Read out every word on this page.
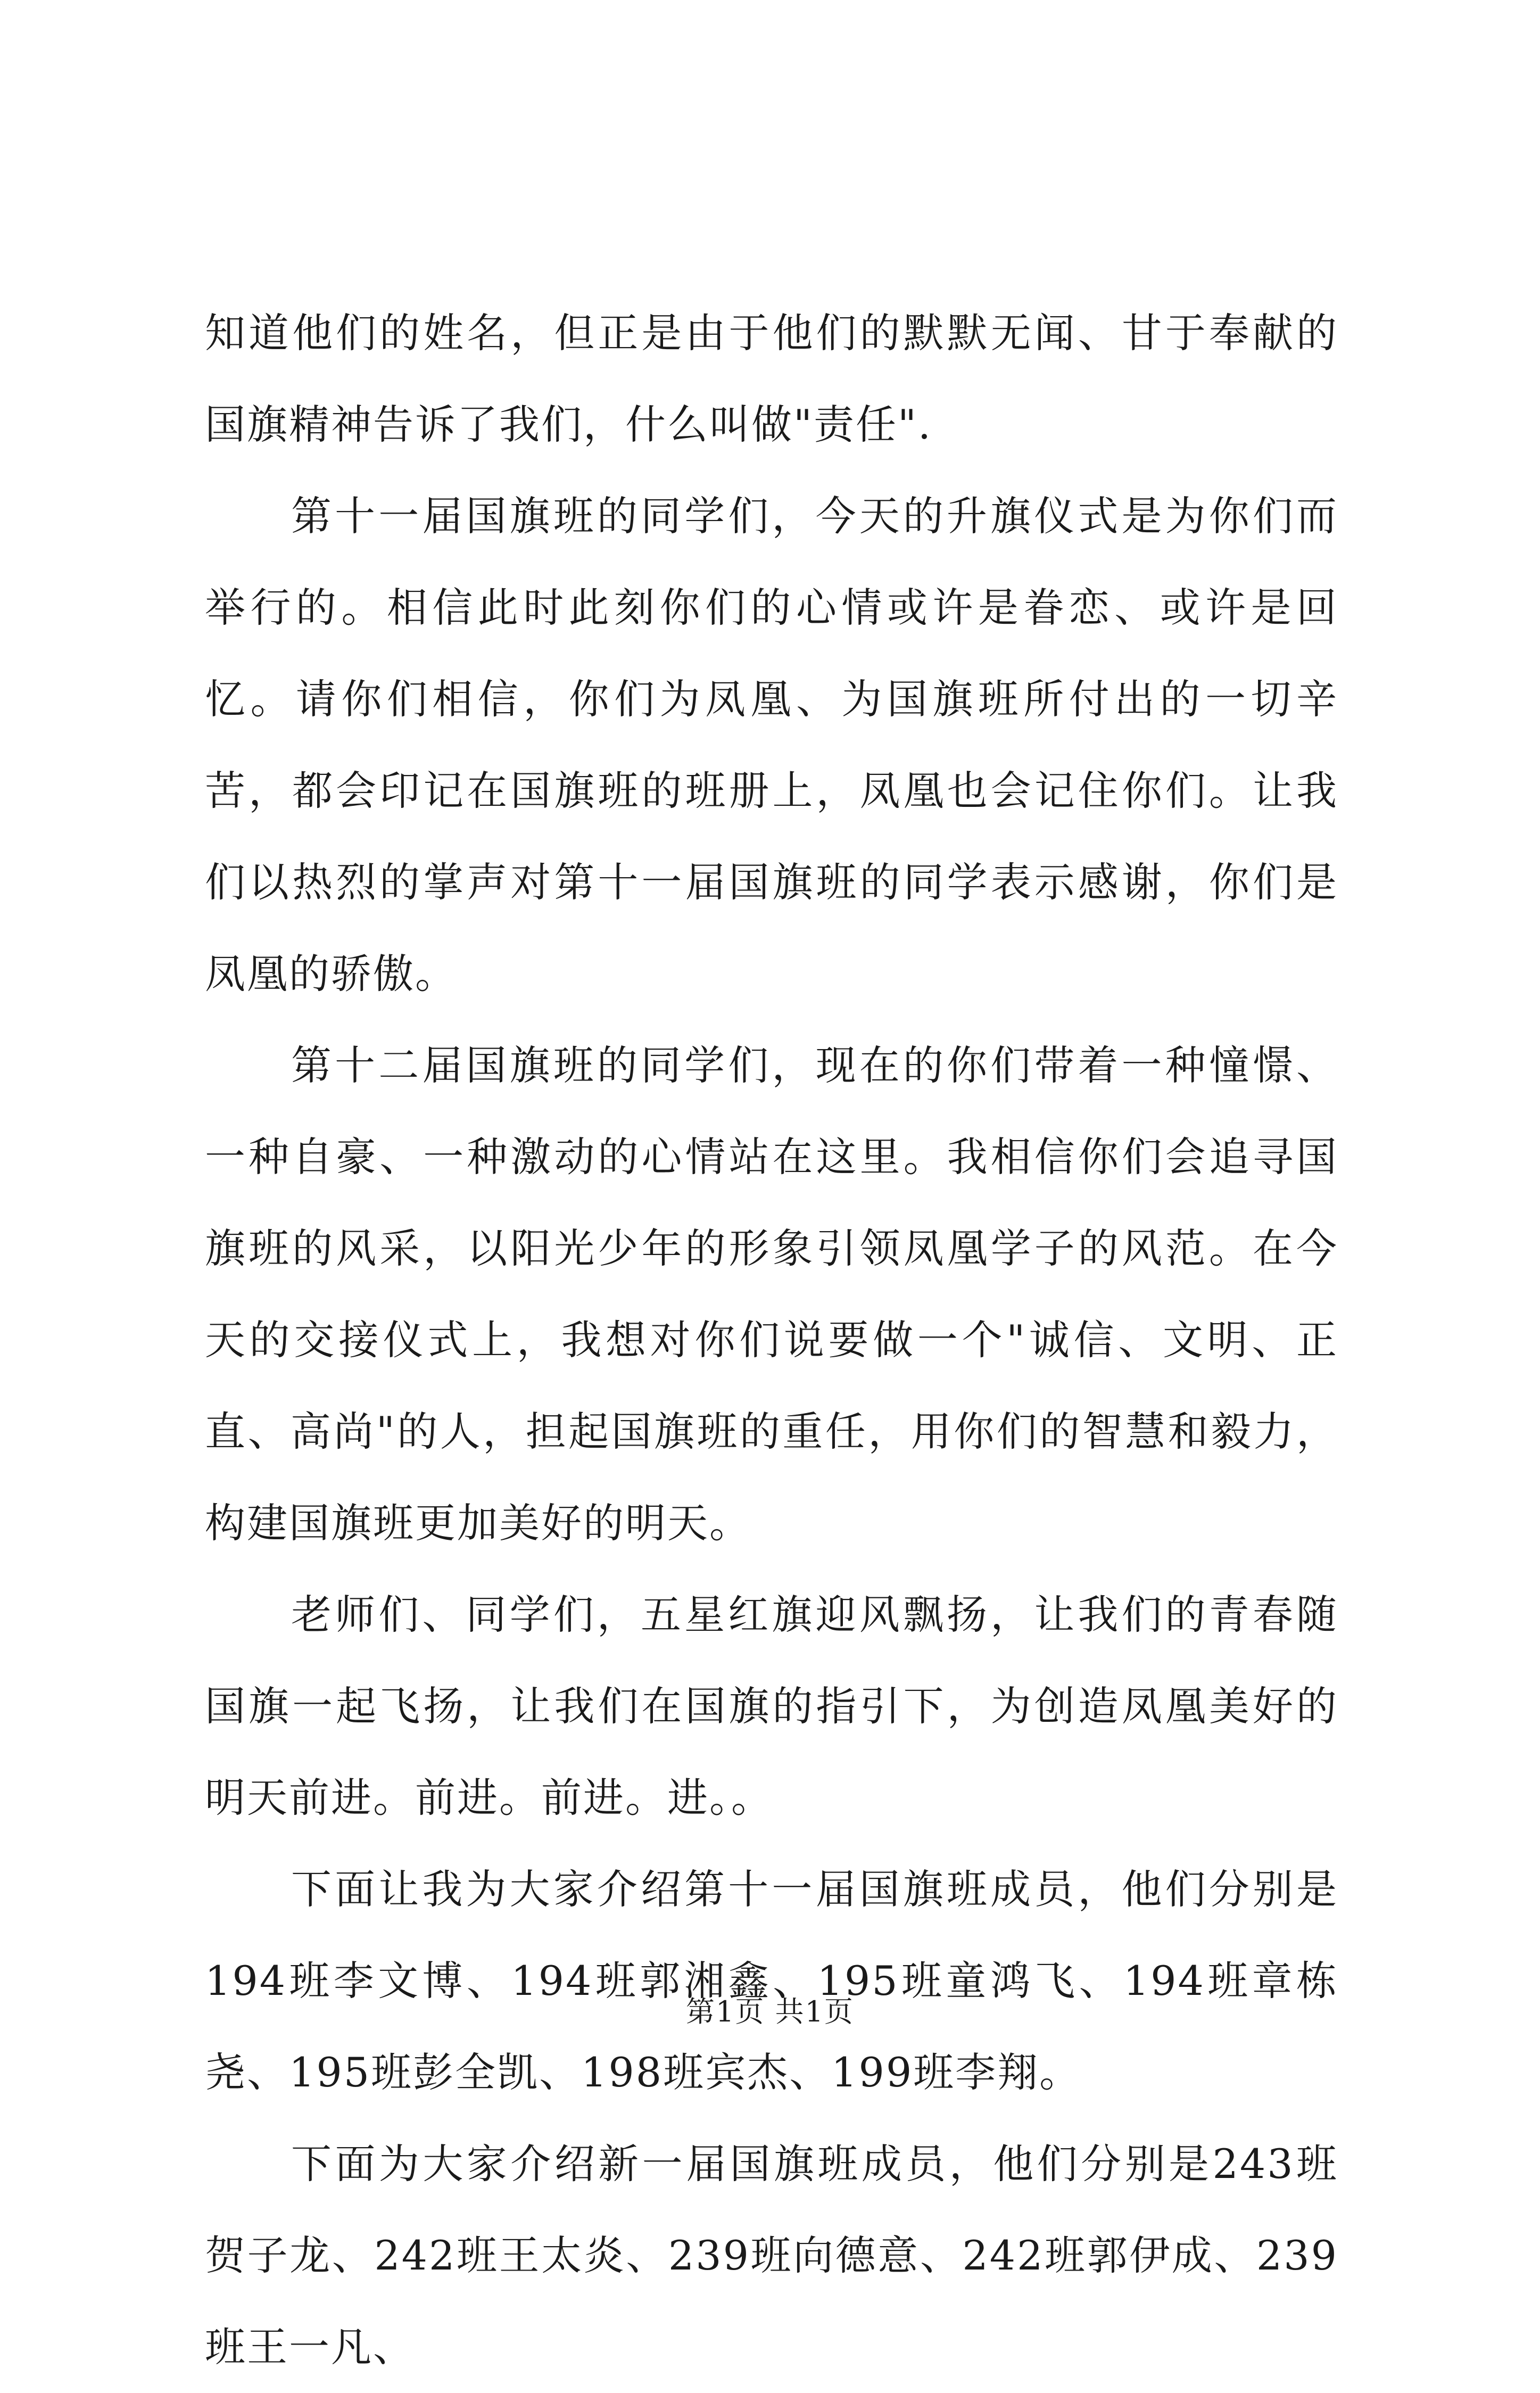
知道他们的姓名，但正是由于他们的默默无闻、甘于奉献的国旗精神告诉了我们，什么叫做"责任".

第十一届国旗班的同学们，今天的升旗仪式是为你们而举行的。相信此时此刻你们的心情或许是眷恋、或许是回忆。请你们相信，你们为凤凰、为国旗班所付出的一切辛苦，都会印记在国旗班的班册上，凤凰也会记住你们。让我们以热烈的掌声对第十一届国旗班的同学表示感谢，你们是凤凰的骄傲。

第十二届国旗班的同学们，现在的你们带着一种憧憬、一种自豪、一种激动的心情站在这里。我相信你们会追寻国旗班的风采，以阳光少年的形象引领凤凰学子的风范。在今天的交接仪式上，我想对你们说要做一个"诚信、文明、正直、高尚"的人，担起国旗班的重任，用你们的智慧和毅力，构建国旗班更加美好的明天。

老师们、同学们，五星红旗迎风飘扬，让我们的青春随国旗一起飞扬，让我们在国旗的指引下，为创造凤凰美好的明天前进。前进。前进。进。。

下面让我为大家介绍第十一届国旗班成员，他们分别是194班李文博、194班郭湘鑫、195班童鸿飞、194班章栋尧、195班彭全凯、198班宾杰、199班李翔。

下面为大家介绍新一届国旗班成员，他们分别是243班贺子龙、242班王太炎、239班向德意、242班郭伊成、239班王一凡、

第1页 共1页
